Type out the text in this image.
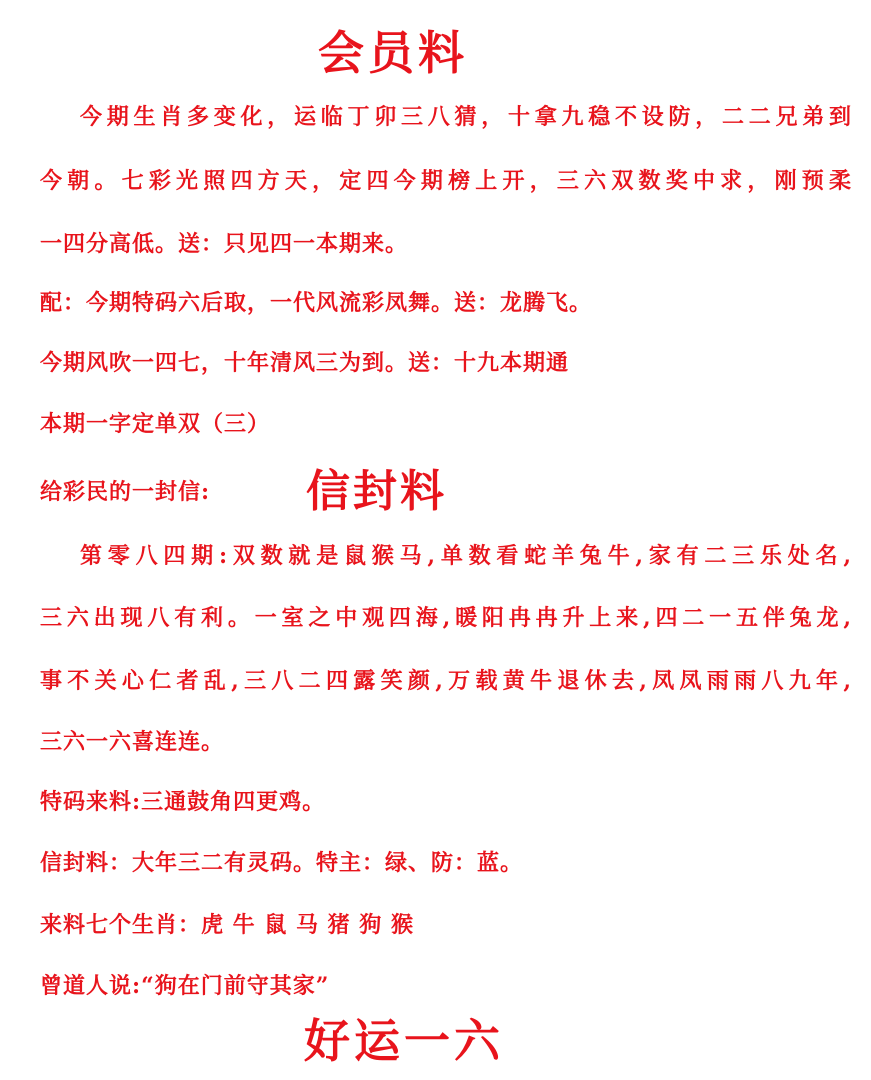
会员料
今期生肖多变化，运临丁卯三八猜，十拿九稳不设防，二二兄弟到
今朝。七彩光照四方天，定四今期榜上开，三六双数奖中求，刚预柔
一四分高低。送：只见四一本期来。
配：今期特码六后取，一代风流彩凤舞。送：龙腾飞。
今期风吹一四七，十年清风三为到。送：十九本期通
本期一字定单双（三）
给彩民的一封信: 信封料
第零八四期:双数就是鼠猴马,单数看蛇羊兔牛,家有二三乐处名,
三六出现八有利。一室之中观四海,暖阳冉冉升上来,四二一五伴兔龙,
事不关心仁者乱,三八二四露笑颜,万载黄牛退休去,凤凤雨雨八九年,
三六一六喜连连。
特码来料:三通鼓角四更鸡。
信封料：大年三二有灵码。特主：绿、防：蓝。
来料七个生肖：虎 牛 鼠 马 猪 狗 猴
曾道人说:“狗在门前守其家”
好运一六
